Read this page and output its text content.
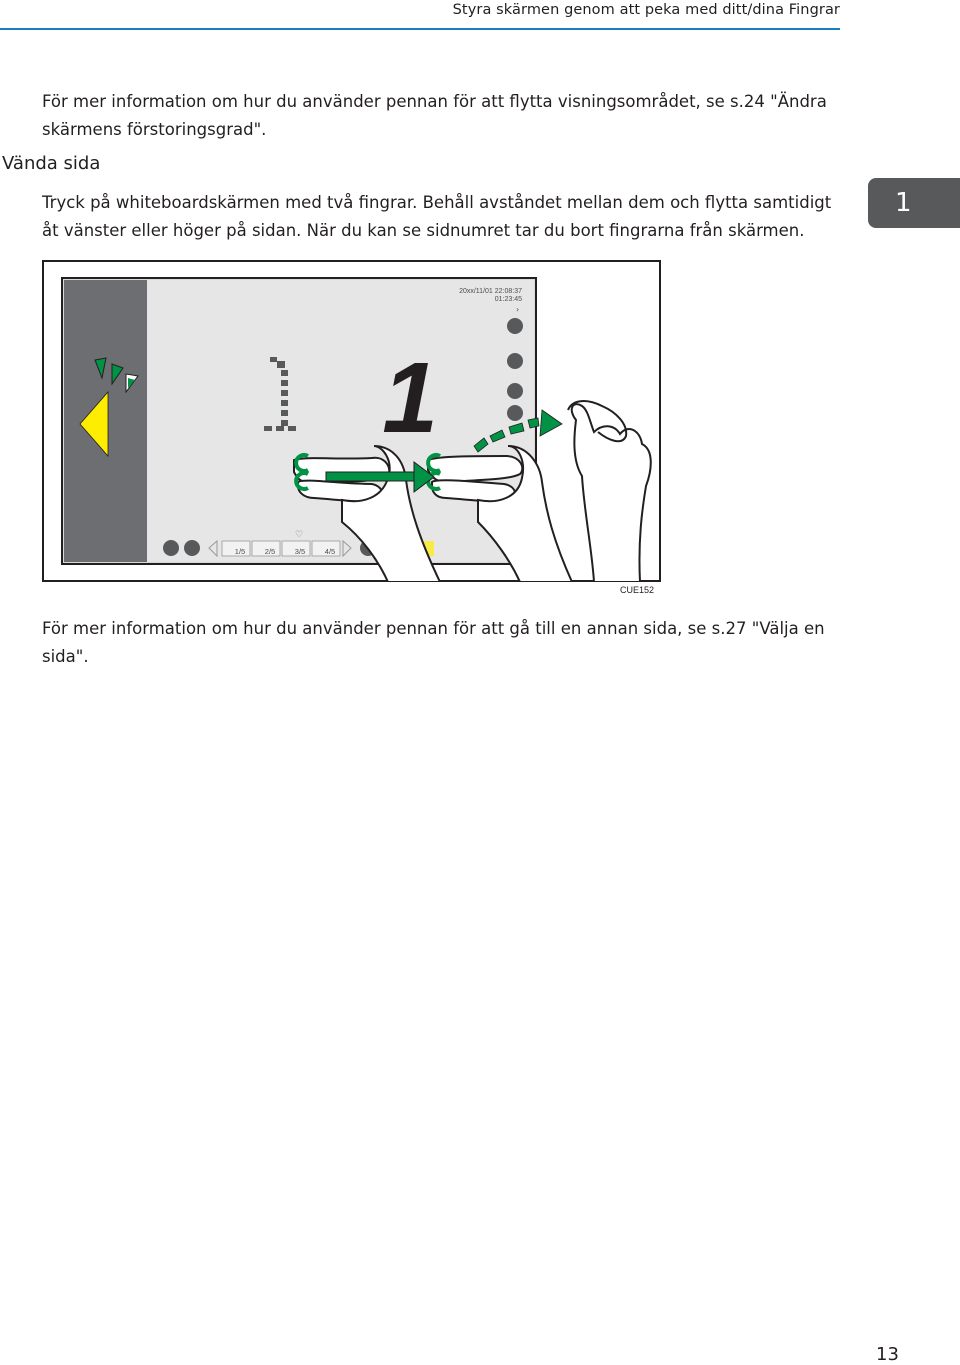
Styra skärmen genom att peka med ditt/dina Fingrar

För mer information om hur du använder pennan för att flytta visningsområdet, se s.24 "Ändra skärmens förstoringsgrad".

Vända sida

Tryck på whiteboardskärmen med två fingrar. Behåll avståndet mellan dem och flytta samtidigt åt vänster eller höger på sidan. När du kan se sidnumret tar du bort fingrarna från skärmen.

1
20xx/11/01 22:08:37
01:23:45
›
1
♡
1/5	2/5	3/5	4/5
CUE152

För mer information om hur du använder pennan för att gå till en annan sida, se s.27 "Välja en sida".

13
